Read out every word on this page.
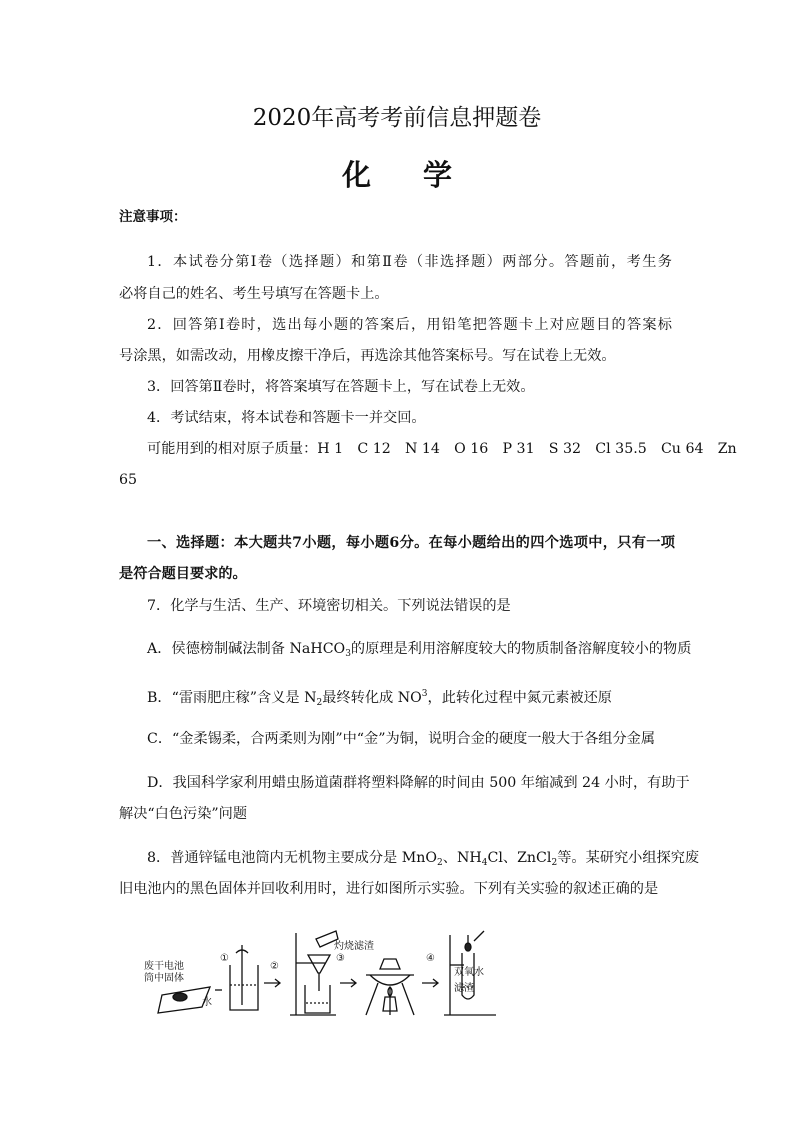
2020年高考考前信息押题卷
化学
注意事项：
1．本试卷分第Ⅰ卷（选择题）和第Ⅱ卷（非选择题）两部分。答题前，考生务
必将自己的姓名、考生号填写在答题卡上。
2．回答第Ⅰ卷时，选出每小题的答案后，用铅笔把答题卡上对应题目的答案标
号涂黑，如需改动，用橡皮擦干净后，再选涂其他答案标号。写在试卷上无效。
3．回答第Ⅱ卷时，将答案填写在答题卡上，写在试卷上无效。
4．考试结束，将本试卷和答题卡一并交回。
可能用到的相对原子质量：H 1　C 12　N 14　O 16　P 31　S 32　Cl 35.5　Cu 64　Zn
65
一、选择题：本大题共7小题，每小题6分。在每小题给出的四个选项中，只有一项
是符合题目要求的。
7．化学与生活、生产、环境密切相关。下列说法错误的是
A．侯德榜制碱法制备 NaHCO$_3$的原理是利用溶解度较大的物质制备溶解度较小的物质
B．“雷雨肥庄稼”含义是 $N_2$最终转化成 $NO^3$，此转化过程中氮元素被还原
C．“金柔锡柔，合两柔则为刚”中“金”为铜，说明合金的硬度一般大于各组分金属
D．我国科学家利用蜡虫肠道菌群将塑料降解的时间由 500 年缩减到 24 小时，有助于
解决“白色污染”问题
8．普通锌锰电池筒内无机物主要成分是 MnO$_2$、$NH_4Cl$、ZnCl$_2$等。某研究小组探究废
旧电池内的黑色固体并回收利用时，进行如图所示实验。下列有关实验的叙述正确的是
①
②
③	④
废干电池
筒中固体
水
灼烧滤渣
双氧水
滤渣
